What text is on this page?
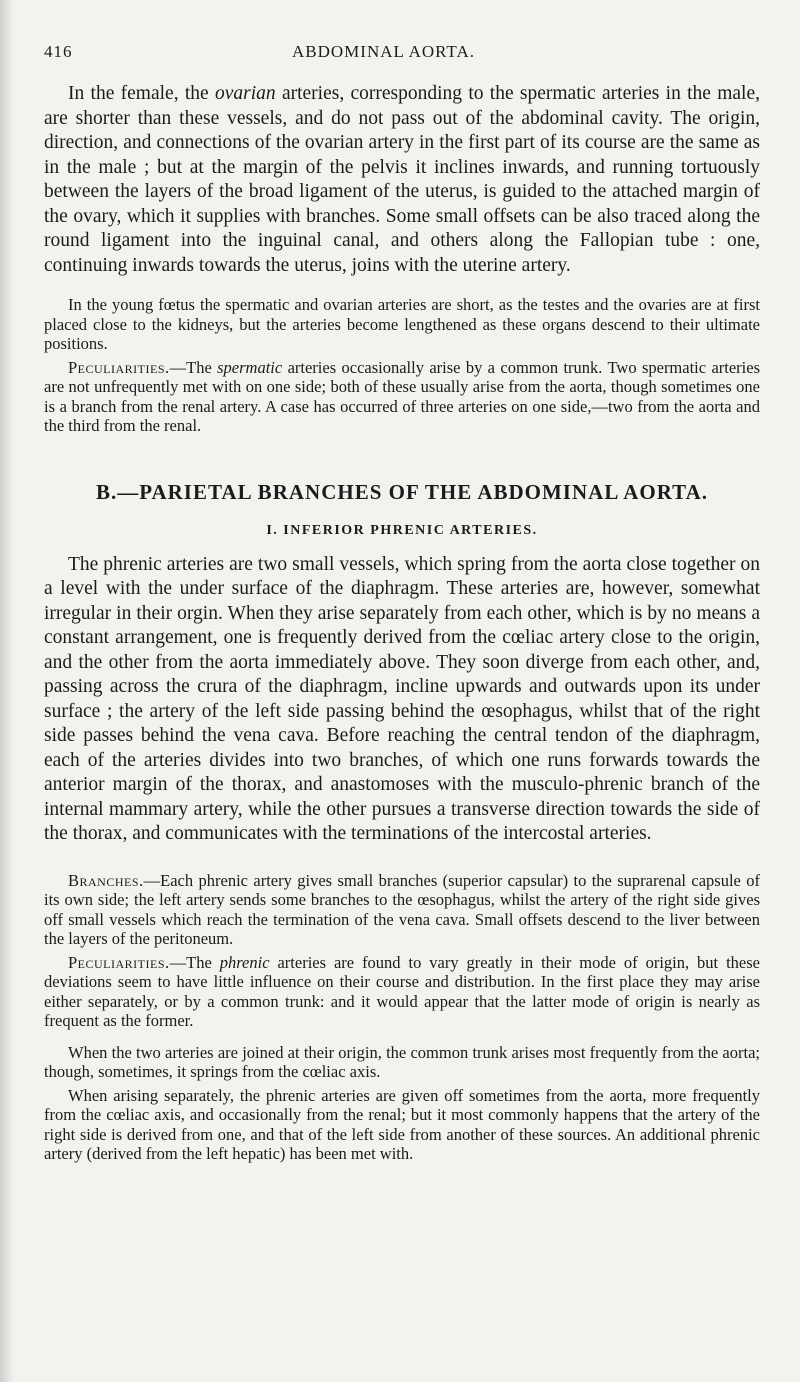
416	ABDOMINAL AORTA.

In the female, the ovarian arteries, corresponding to the spermatic arteries in the male, are shorter than these vessels, and do not pass out of the abdominal cavity. The origin, direction, and connections of the ovarian artery in the first part of its course are the same as in the male ; but at the margin of the pelvis it inclines inwards, and running tortuously between the layers of the broad ligament of the uterus, is guided to the attached margin of the ovary, which it supplies with branches. Some small offsets can be also traced along the round ligament into the inguinal canal, and others along the Fallopian tube : one, continuing inwards towards the uterus, joins with the uterine artery.

In the young fœtus the spermatic and ovarian arteries are short, as the testes and the ovaries are at first placed close to the kidneys, but the arteries become lengthened as these organs descend to their ultimate positions.

Peculiarities.—The spermatic arteries occasionally arise by a common trunk. Two spermatic arteries are not unfrequently met with on one side; both of these usually arise from the aorta, though sometimes one is a branch from the renal artery. A case has occurred of three arteries on one side,—two from the aorta and the third from the renal.

B.—PARIETAL BRANCHES OF THE ABDOMINAL AORTA.
I. INFERIOR PHRENIC ARTERIES.

The phrenic arteries are two small vessels, which spring from the aorta close together on a level with the under surface of the diaphragm. These arteries are, however, somewhat irregular in their orgin. When they arise separately from each other, which is by no means a constant arrangement, one is frequently derived from the cœliac artery close to the origin, and the other from the aorta immediately above. They soon diverge from each other, and, passing across the crura of the diaphragm, incline upwards and outwards upon its under surface ; the artery of the left side passing behind the œsophagus, whilst that of the right side passes behind the vena cava. Before reaching the central tendon of the diaphragm, each of the arteries divides into two branches, of which one runs forwards towards the anterior margin of the thorax, and anastomoses with the musculo-phrenic branch of the internal mammary artery, while the other pursues a transverse direction towards the side of the thorax, and communicates with the terminations of the intercostal arteries.

Branches.—Each phrenic artery gives small branches (superior capsular) to the suprarenal capsule of its own side; the left artery sends some branches to the œsophagus, whilst the artery of the right side gives off small vessels which reach the termination of the vena cava. Small offsets descend to the liver between the layers of the peritoneum.

Peculiarities.—The phrenic arteries are found to vary greatly in their mode of origin, but these deviations seem to have little influence on their course and distribution. In the first place they may arise either separately, or by a common trunk: and it would appear that the latter mode of origin is nearly as frequent as the former.

When the two arteries are joined at their origin, the common trunk arises most frequently from the aorta; though, sometimes, it springs from the cœliac axis.

When arising separately, the phrenic arteries are given off sometimes from the aorta, more frequently from the cœliac axis, and occasionally from the renal; but it most commonly happens that the artery of the right side is derived from one, and that of the left side from another of these sources. An additional phrenic artery (derived from the left hepatic) has been met with.
